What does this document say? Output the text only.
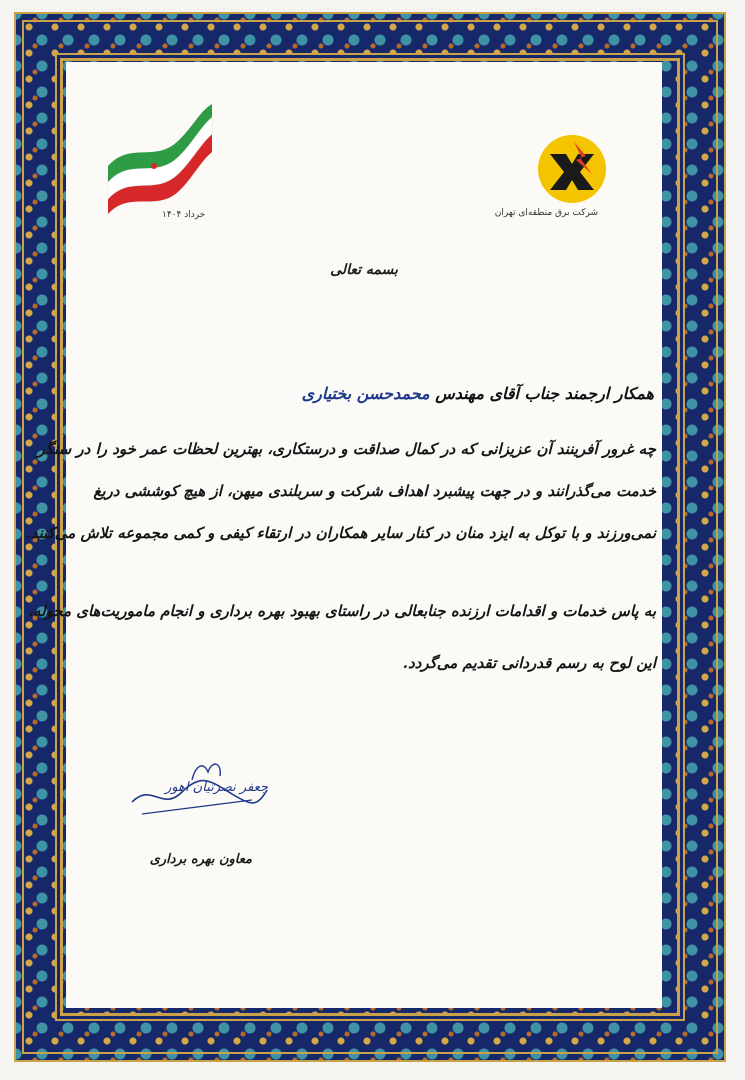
خرداد ۱۴۰۴	شرکت برق منطقه‌ای تهران
بسمه تعالی
همکار ارجمند جناب آقای مهندس محمدحسن بختیاری
چه غرور آفرینند آن عزیزانی که در کمال صداقت و درستکاری، بهترین لحظات عمر خود را در سنگر
خدمت می‌گذرانند و در جهت پیشبرد اهداف شرکت و سربلندی میهن، از هیچ کوششی دریغ
نمی‌ورزند و با توکل به ایزد منان در کنار سایر همکاران در ارتقاء کیفی و کمی مجموعه تلاش می‌کنند.
به پاس خدمات و اقدامات ارزنده جنابعالی در راستای بهبود بهره برداری و انجام ماموریت‌های محوله،
این لوح به رسم قدردانی تقدیم می‌گردد.
جعفر نصرتیان اهور
معاون بهره برداری
